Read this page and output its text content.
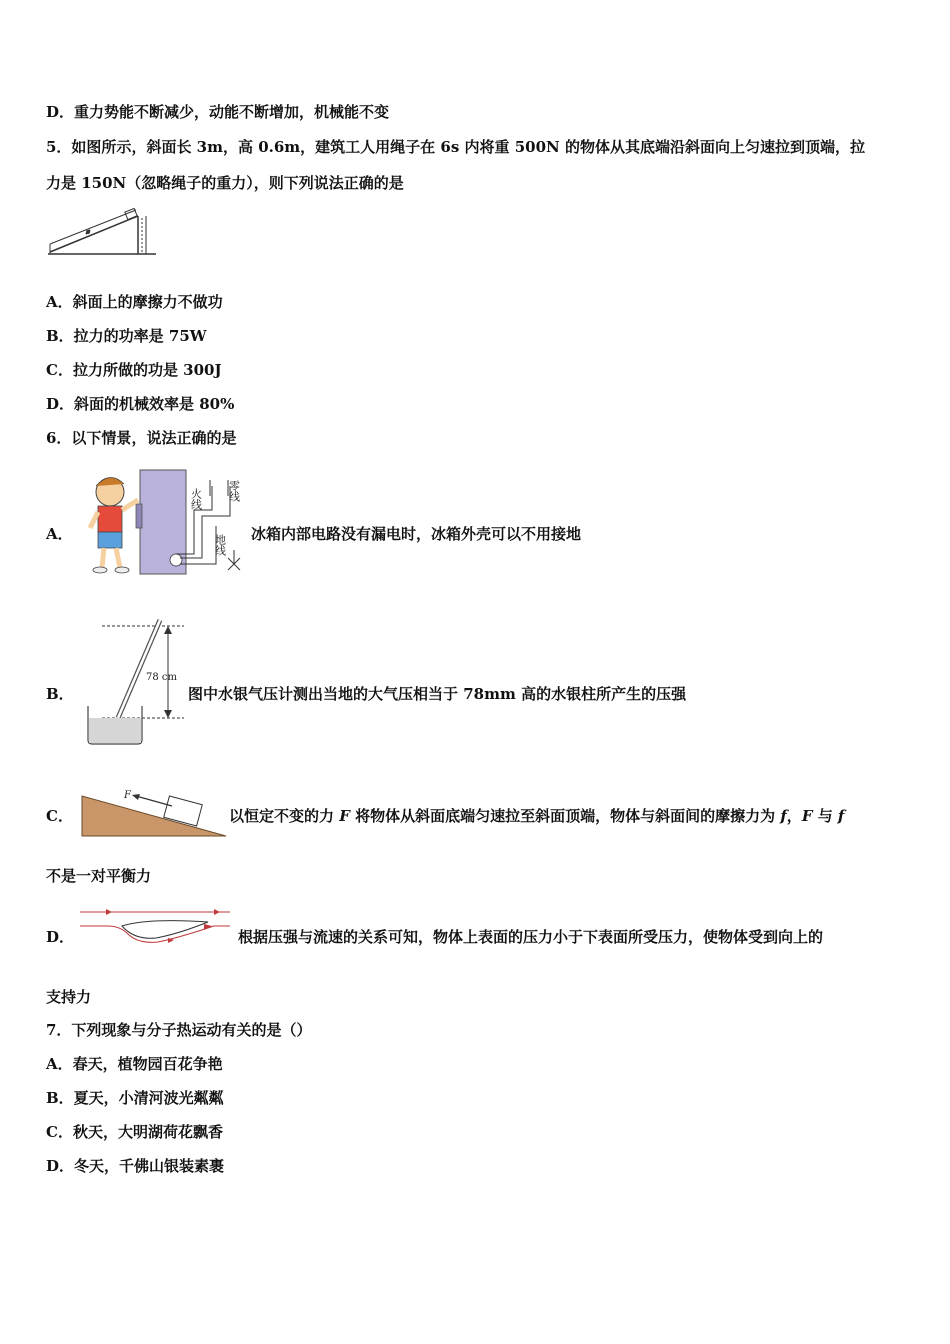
D．重力势能不断减少，动能不断增加，机械能不变
5．如图所示，斜面长 3m，高 0.6m，建筑工人用绳子在 6s 内将重 500N 的物体从其底端沿斜面向上匀速拉到顶端，拉
力是 150N（忽略绳子的重力），则下列说法正确的是
A．斜面上的摩擦力不做功
B．拉力的功率是 75W
C．拉力所做的功是 300J
D．斜面的机械效率是 80%
6．以下情景，说法正确的是
A．
火线 零线
地线 冰箱内部电路没有漏电时，冰箱外壳可以不用接地
B．
78 cm
图中水银气压计测出当地的大气压相当于 78mm 高的水银柱所产生的压强
C．
F
以恒定不变的力 F 将物体从斜面底端匀速拉至斜面顶端，物体与斜面间的摩擦力为 f，F 与 f
不是一对平衡力
D．	根据压强与流速的关系可知，物体上表面的压力小于下表面所受压力，使物体受到向上的
支持力
7．下列现象与分子热运动有关的是（）
A．春天，植物园百花争艳
B．夏天，小清河波光粼粼
C．秋天，大明湖荷花飘香
D．冬天，千佛山银装素裹
